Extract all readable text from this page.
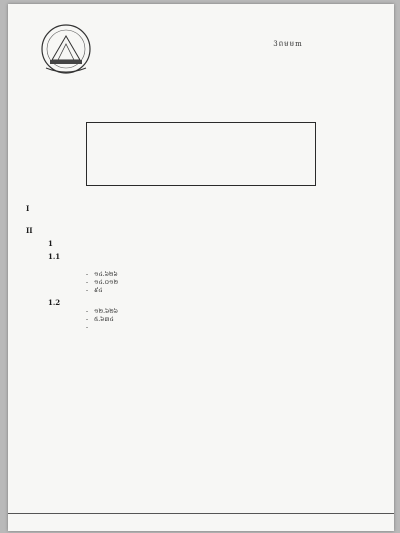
3ពមមm
I
II
1
1.1
- ១៤.៦២៦
- ១៤.០១២
- ៩៤
1.2
- ១២.៦២៦
- ៥.៦៣៤
-
